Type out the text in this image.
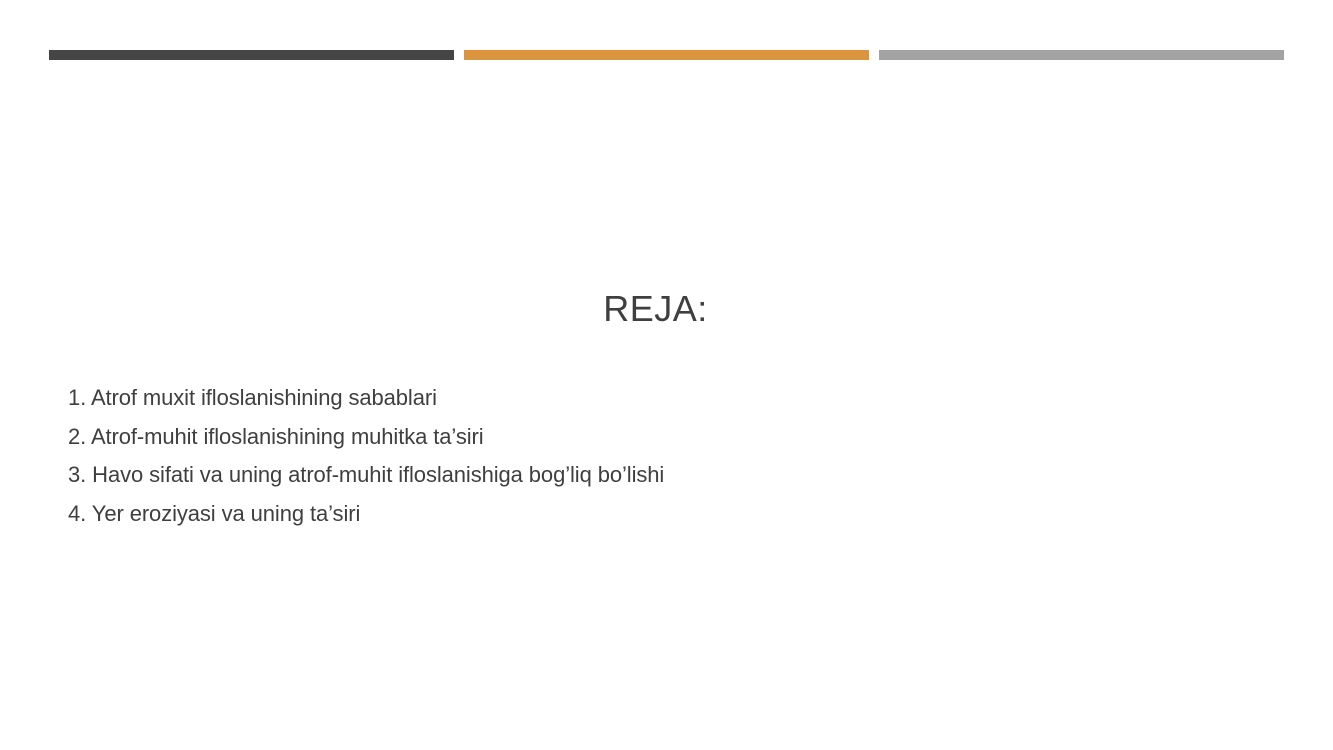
REJA:
1. Atrof muxit ifloslanishining sabablari
2. Atrof-muhit ifloslanishining muhitka ta’siri
3. Havo sifati va uning atrof-muhit ifloslanishiga bog’liq bo’lishi
4. Yer eroziyasi va uning ta’siri
